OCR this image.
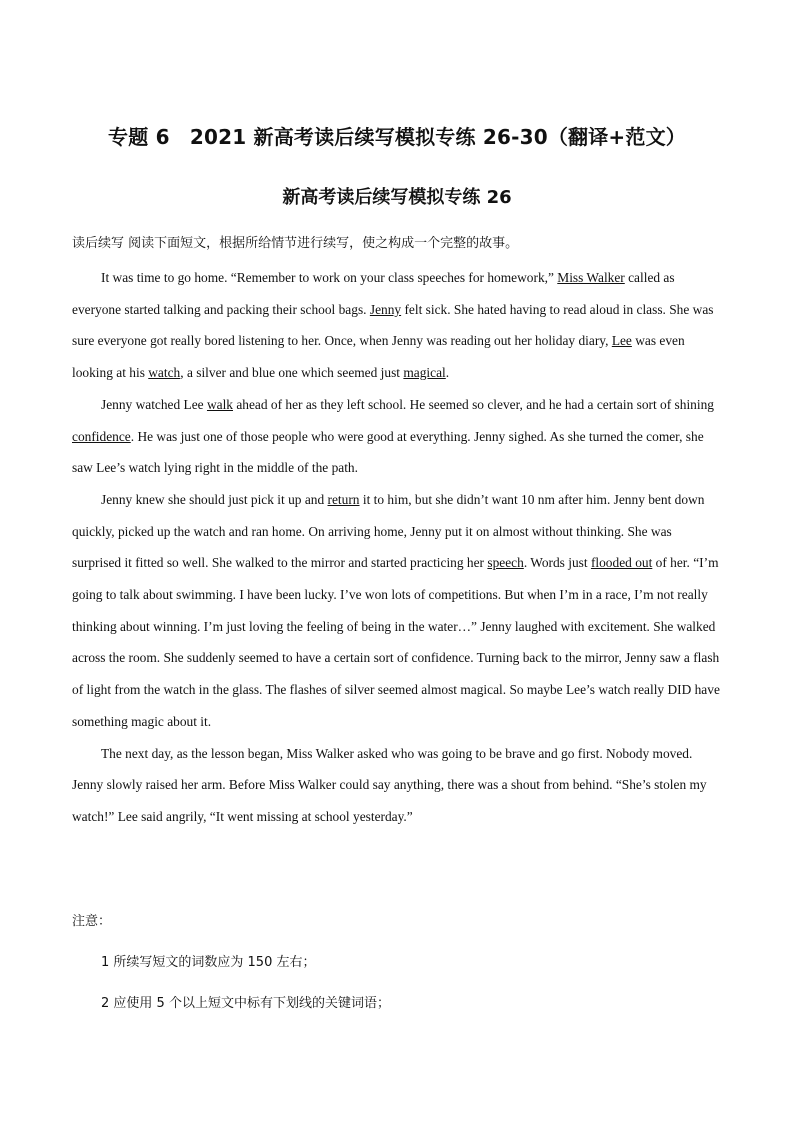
专题 6　2021 新高考读后续写模拟专练 26-30（翻译+范文）
新高考读后续写模拟专练 26
读后续写 阅读下面短文，根据所给情节进行续写，使之构成一个完整的故事。

It was time to go home. “Remember to work on your class speeches for homework,” Miss Walker called as everyone started talking and packing their school bags. Jenny felt sick. She hated having to read aloud in class. She was sure everyone got really bored listening to her. Once, when Jenny was reading out her holiday diary, Lee was even looking at his watch, a silver and blue one which seemed just magical.

Jenny watched Lee walk ahead of her as they left school. He seemed so clever, and he had a certain sort of shining confidence. He was just one of those people who were good at everything. Jenny sighed. As she turned the comer, she saw Lee’s watch lying right in the middle of the path.

Jenny knew she should just pick it up and return it to him, but she didn’t want 10 nm after him. Jenny bent down quickly, picked up the watch and ran home. On arriving home, Jenny put it on almost without thinking. She was surprised it fitted so well. She walked to the mirror and started practicing her speech. Words just flooded out of her. “I’m going to talk about swimming. I have been lucky. I’ve won lots of competitions. But when I’m in a race, I’m not really thinking about winning. I’m just loving the feeling of being in the water…” Jenny laughed with excitement. She walked across the room. She suddenly seemed to have a certain sort of confidence. Turning back to the mirror, Jenny saw a flash of light from the watch in the glass. The flashes of silver seemed almost magical. So maybe Lee’s watch really DID have something magic about it.

The next day, as the lesson began, Miss Walker asked who was going to be brave and go first. Nobody moved. Jenny slowly raised her arm. Before Miss Walker could say anything, there was a shout from behind. “She’s stolen my watch!” Lee said angrily, “It went missing at school yesterday.”

注意：
1 所续写短文的词数应为 150 左右；
2 应使用 5 个以上短文中标有下划线的关键词语；
